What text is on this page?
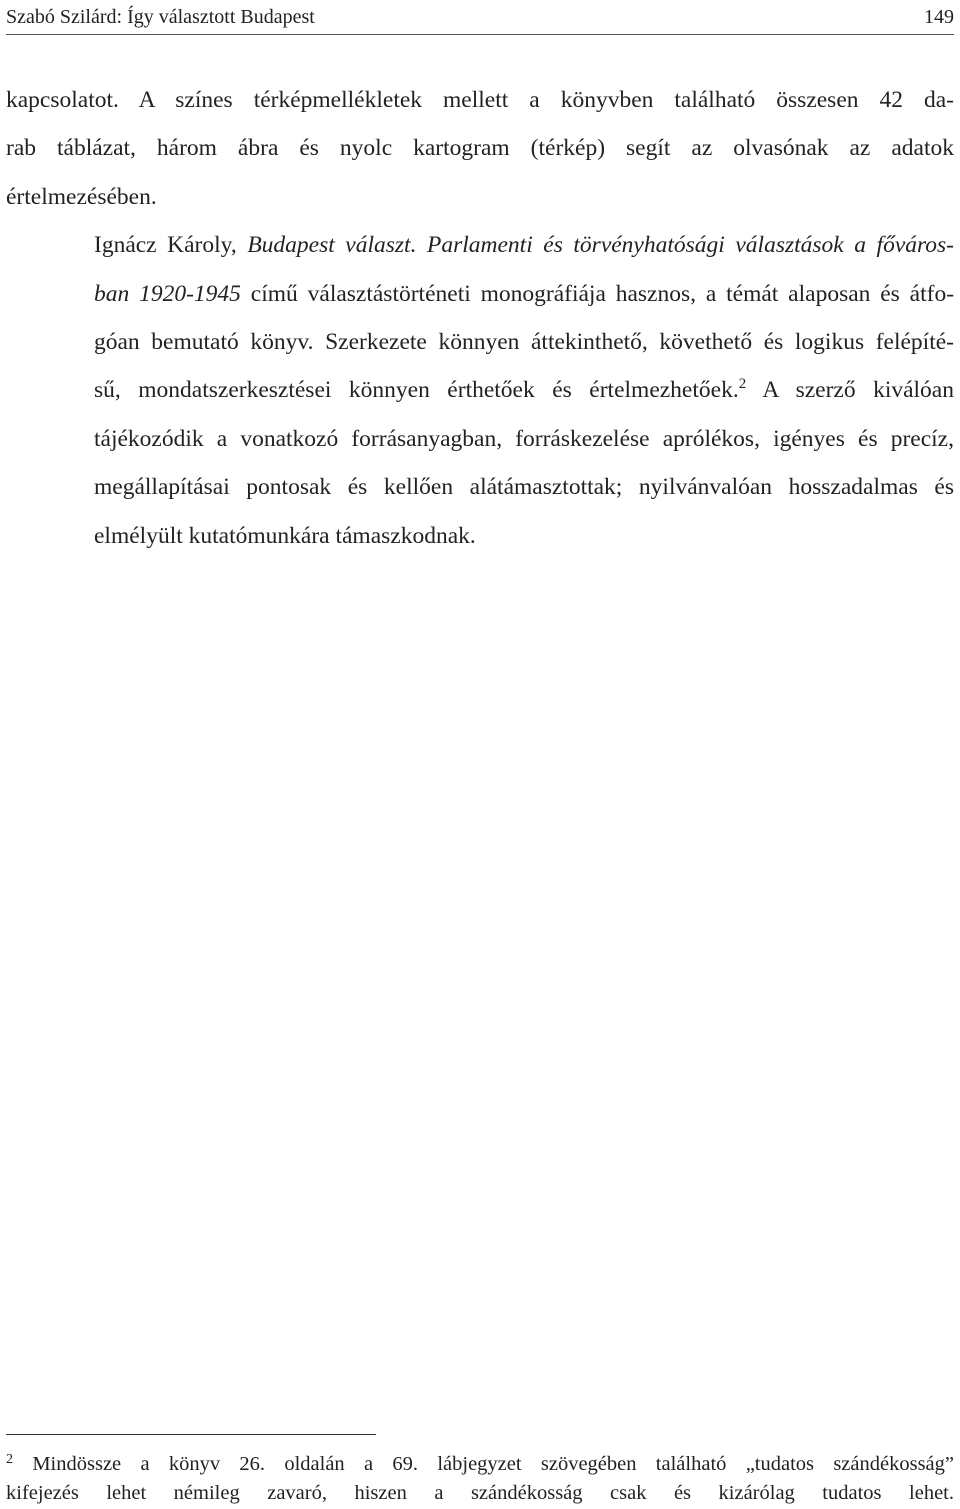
Szabó Szilárd: Így választott Budapest	149

kapcsolatot. A színes térképmellékletek mellett a könyvben található összesen 42 da-
rab táblázat, három ábra és nyolc kartogram (térkép) segít az olvasónak az adatok
értelmezésében.

Ignácz Károly, Budapest választ. Parlamenti és törvényhatósági választások a főváros-
ban 1920-1945 című választástörténeti monográfiája hasznos, a témát alaposan és átfo-
góan bemutató könyv. Szerkezete könnyen áttekinthető, követhető és logikus felépíté-
sű, mondatszerkesztései könnyen érthetőek és értelmezhetőek.$^2$ A szerző kiválóan
tájékozódik a vonatkozó forrásanyagban, forráskezelése aprólékos, igényes és precíz,
megállapításai pontosak és kellően alátámasztottak; nyilvánvalóan hosszadalmas és
elmélyült kutatómunkára támaszkodnak.

$^2$ Mindössze a könyv 26. oldalán a 69. lábjegyzet szövegében található „tudatos szándékosság”
kifejezés lehet némileg zavaró, hiszen a szándékosság csak és kizárólag tudatos lehet.
